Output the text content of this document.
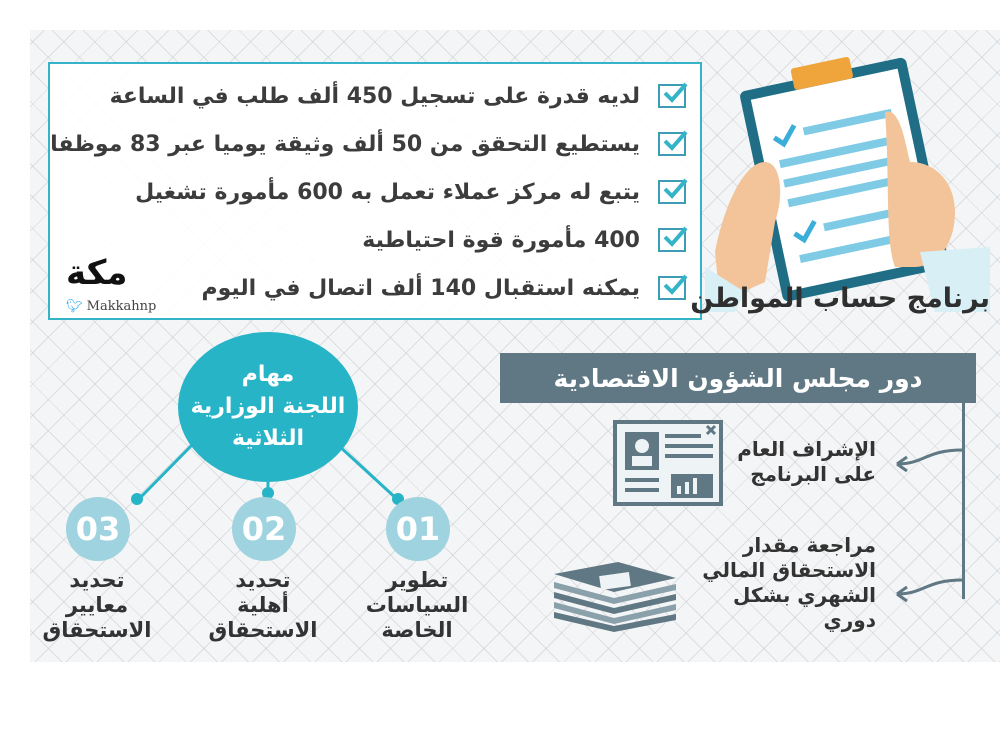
لديه قدرة على تسجيل 450 ألف طلب في الساعة
يستطيع التحقق من 50 ألف وثيقة يوميا عبر 83 موظفا
يتبع له مركز عملاء تعمل به 600 مأمورة تشغيل
400 مأمورة قوة احتياطية
يمكنه استقبال 140 ألف اتصال في اليوم
مكة
🐦︎ Makkahnp	برنامج حساب المواطن
دور مجلس الشؤون الاقتصادية
الإشراف العام
على البرنامج
مراجعة مقدار
الاستحقاق المالي
الشهري بشكل
دوري
مهام
اللجنة الوزارية
الثلاثية
01
02
03
تطوير
السياسات
الخاصة
تحديد
أهلية
الاستحقاق
تحديد
معايير
الاستحقاق
